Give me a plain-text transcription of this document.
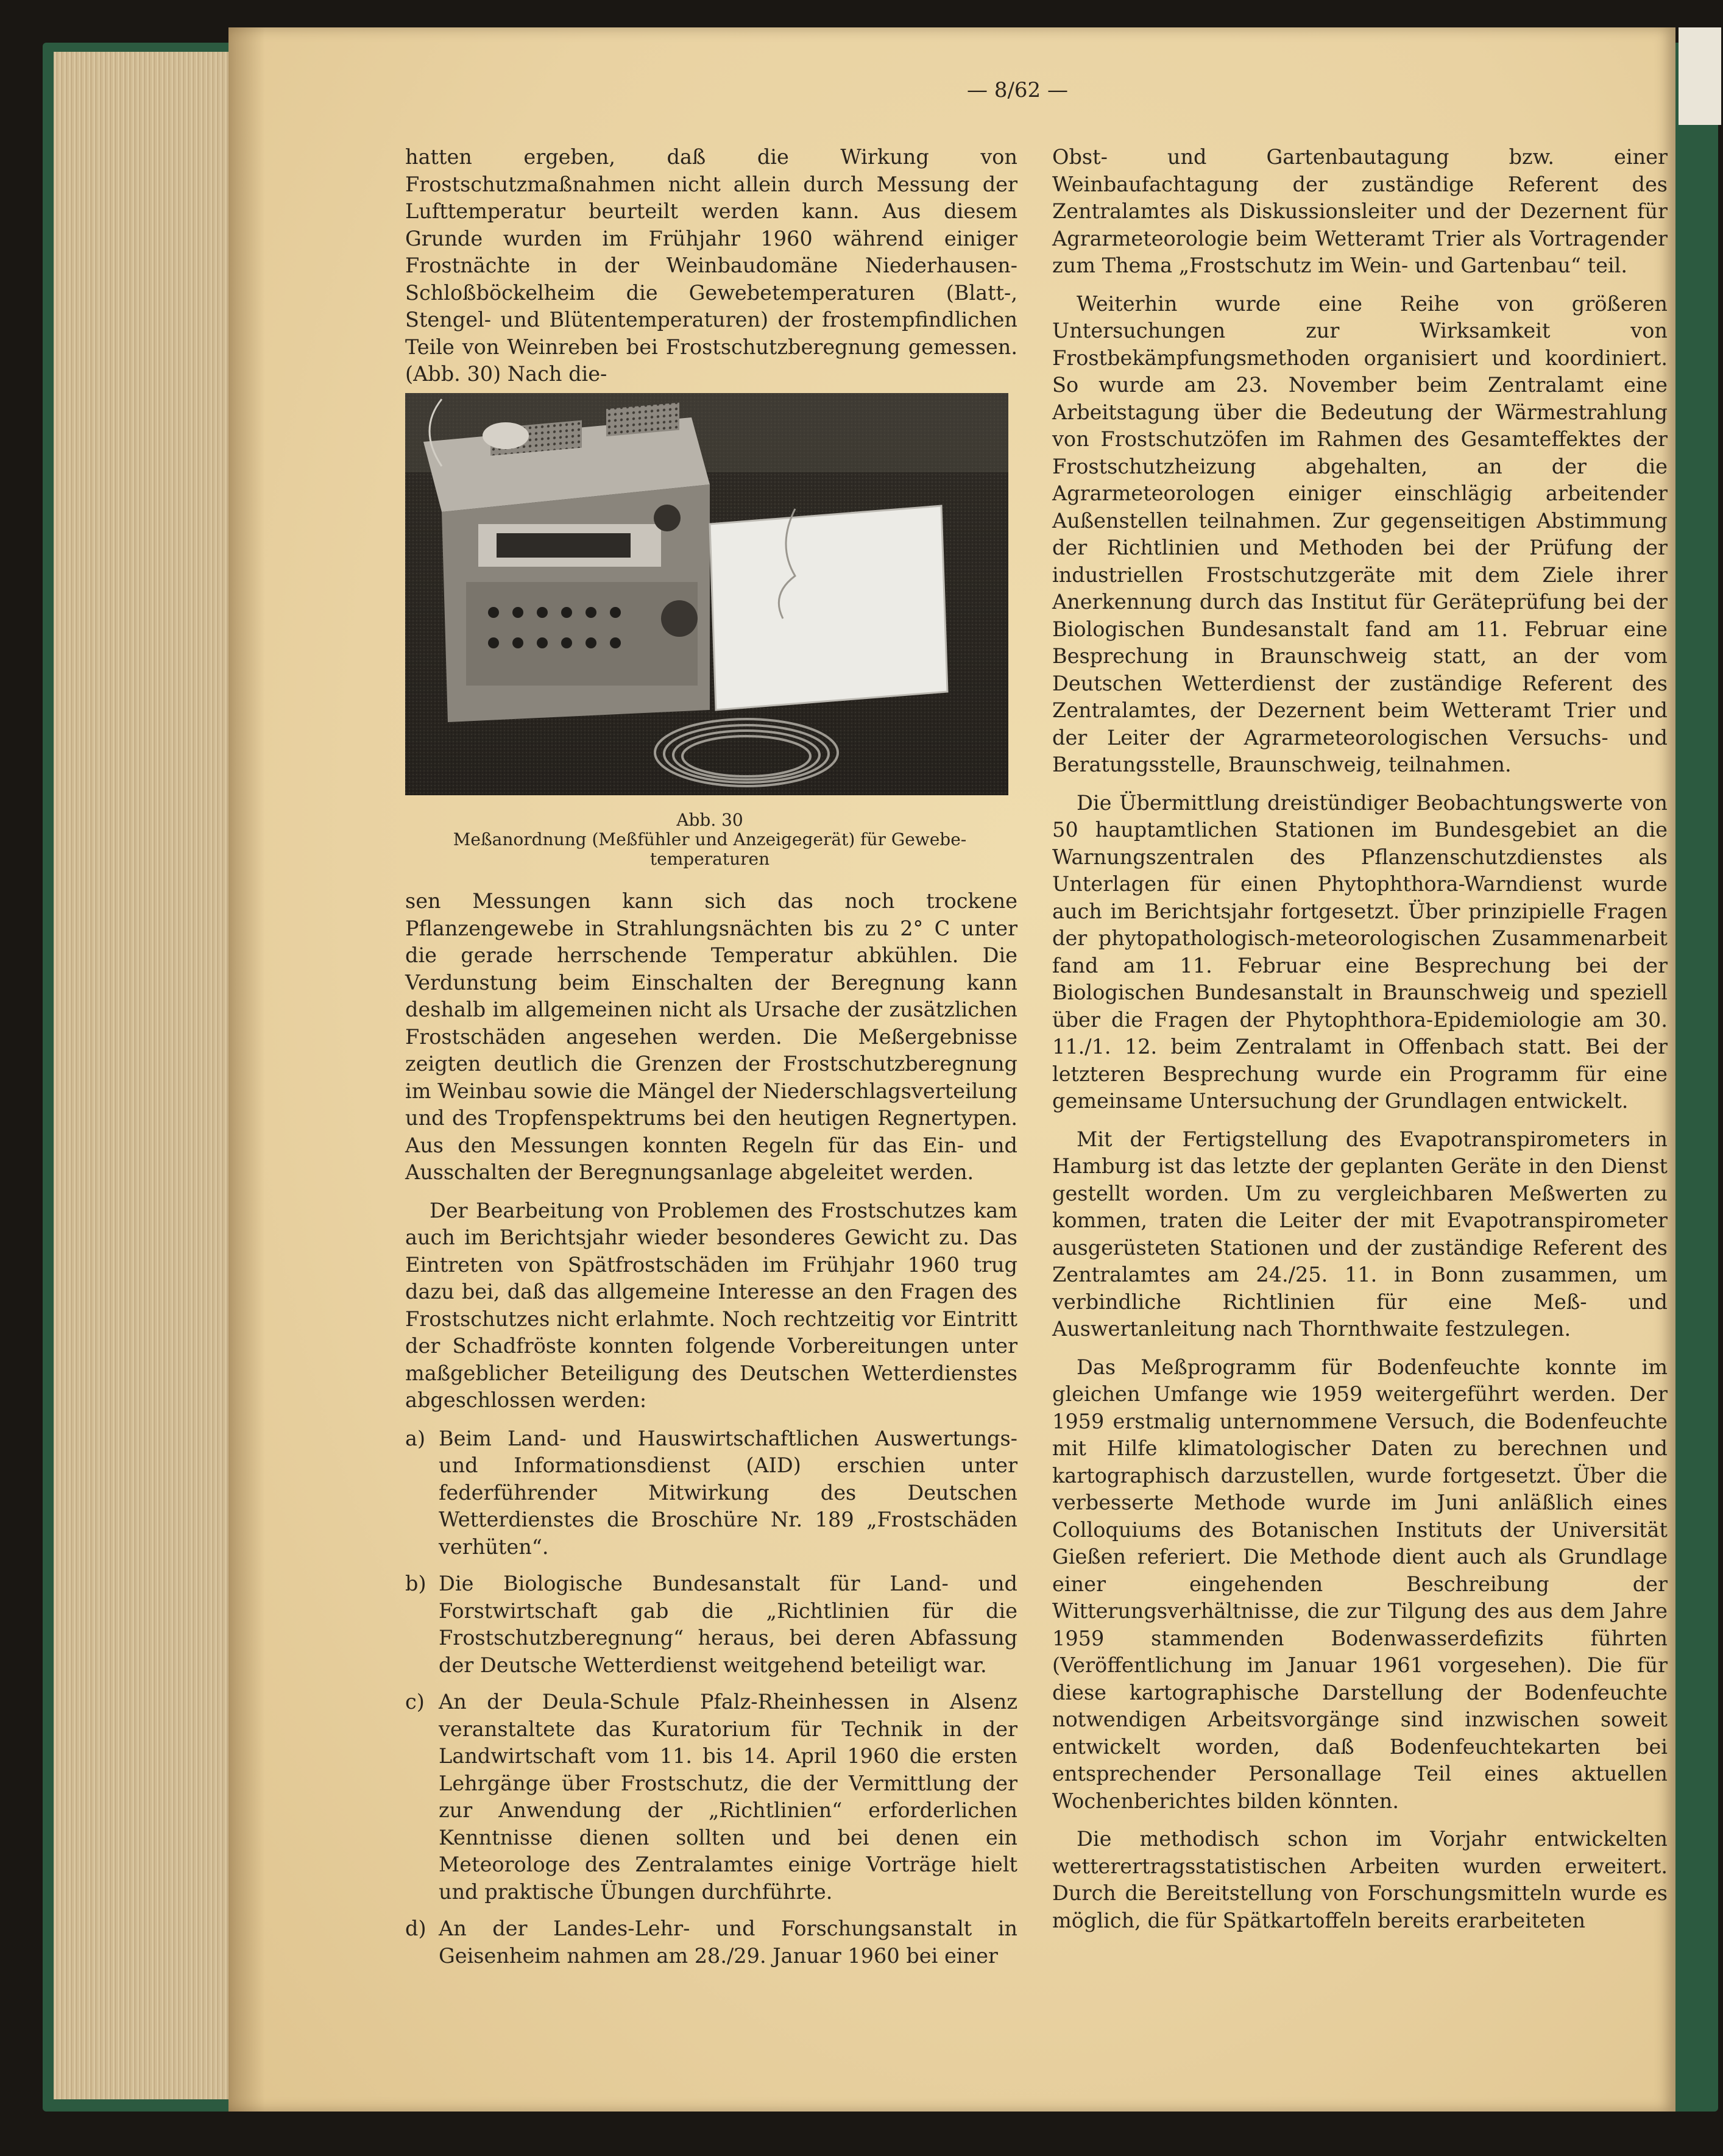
— 8/62 —

hatten ergeben, daß die Wirkung von Frostschutzmaßnahmen nicht allein durch Messung der Lufttemperatur beurteilt werden kann. Aus diesem Grunde wurden im Frühjahr 1960 während einiger Frostnächte in der Weinbaudomäne Niederhausen-Schloßböckelheim die Gewebetemperaturen (Blatt-, Stengel- und Blütentemperaturen) der frostempfindlichen Teile von Weinreben bei Frostschutzberegnung gemessen. (Abb. 30) Nach die-

Abb. 30
Meßanordnung (Meßfühler und Anzeigegerät) für Gewebe-temperaturen

sen Messungen kann sich das noch trockene Pflanzengewebe in Strahlungsnächten bis zu 2° C unter die gerade herrschende Temperatur abkühlen. Die Verdunstung beim Einschalten der Beregnung kann deshalb im allgemeinen nicht als Ursache der zusätzlichen Frostschäden angesehen werden. Die Meßergebnisse zeigten deutlich die Grenzen der Frostschutzberegnung im Weinbau sowie die Mängel der Niederschlagsverteilung und des Tropfenspektrums bei den heutigen Regnertypen. Aus den Messungen konnten Regeln für das Ein- und Ausschalten der Beregnungsanlage abgeleitet werden.

Der Bearbeitung von Problemen des Frostschutzes kam auch im Berichtsjahr wieder besonderes Gewicht zu. Das Eintreten von Spätfrostschäden im Frühjahr 1960 trug dazu bei, daß das allgemeine Interesse an den Fragen des Frostschutzes nicht erlahmte. Noch rechtzeitig vor Eintritt der Schadfröste konnten folgende Vorbereitungen unter maßgeblicher Beteiligung des Deutschen Wetterdienstes abgeschlossen werden:

a) Beim Land- und Hauswirtschaftlichen Auswertungs- und Informationsdienst (AID) erschien unter federführender Mitwirkung des Deutschen Wetterdienstes die Broschüre Nr. 189 „Frostschäden verhüten“.
b) Die Biologische Bundesanstalt für Land- und Forstwirtschaft gab die „Richtlinien für die Frostschutzberegnung“ heraus, bei deren Abfassung der Deutsche Wetterdienst weitgehend beteiligt war.
c) An der Deula-Schule Pfalz-Rheinhessen in Alsenz veranstaltete das Kuratorium für Technik in der Landwirtschaft vom 11. bis 14. April 1960 die ersten Lehrgänge über Frostschutz, die der Vermittlung der zur Anwendung der „Richtlinien“ erforderlichen Kenntnisse dienen sollten und bei denen ein Meteorologe des Zentralamtes einige Vorträge hielt und praktische Übungen durchführte.
d) An der Landes-Lehr- und Forschungsanstalt in Geisenheim nahmen am 28./29. Januar 1960 bei einer

Obst- und Gartenbautagung bzw. einer Weinbaufachtagung der zuständige Referent des Zentralamtes als Diskussionsleiter und der Dezernent für Agrarmeteorologie beim Wetteramt Trier als Vortragender zum Thema „Frostschutz im Wein- und Gartenbau“ teil.

Weiterhin wurde eine Reihe von größeren Untersuchungen zur Wirksamkeit von Frostbekämpfungsmethoden organisiert und koordiniert. So wurde am 23. November beim Zentralamt eine Arbeitstagung über die Bedeutung der Wärmestrahlung von Frostschutzöfen im Rahmen des Gesamteffektes der Frostschutzheizung abgehalten, an der die Agrarmeteorologen einiger einschlägig arbeitender Außenstellen teilnahmen. Zur gegenseitigen Abstimmung der Richtlinien und Methoden bei der Prüfung der industriellen Frostschutzgeräte mit dem Ziele ihrer Anerkennung durch das Institut für Geräteprüfung bei der Biologischen Bundesanstalt fand am 11. Februar eine Besprechung in Braunschweig statt, an der vom Deutschen Wetterdienst der zuständige Referent des Zentralamtes, der Dezernent beim Wetteramt Trier und der Leiter der Agrarmeteorologischen Versuchs- und Beratungsstelle, Braunschweig, teilnahmen.

Die Übermittlung dreistündiger Beobachtungswerte von 50 hauptamtlichen Stationen im Bundesgebiet an die Warnungszentralen des Pflanzenschutzdienstes als Unterlagen für einen Phytophthora-Warndienst wurde auch im Berichtsjahr fortgesetzt. Über prinzipielle Fragen der phytopathologisch-meteorologischen Zusammenarbeit fand am 11. Februar eine Besprechung bei der Biologischen Bundesanstalt in Braunschweig und speziell über die Fragen der Phytophthora-Epidemiologie am 30. 11./1. 12. beim Zentralamt in Offenbach statt. Bei der letzteren Besprechung wurde ein Programm für eine gemeinsame Untersuchung der Grundlagen entwickelt.

Mit der Fertigstellung des Evapotranspirometers in Hamburg ist das letzte der geplanten Geräte in den Dienst gestellt worden. Um zu vergleichbaren Meßwerten zu kommen, traten die Leiter der mit Evapotranspirometer ausgerüsteten Stationen und der zuständige Referent des Zentralamtes am 24./25. 11. in Bonn zusammen, um verbindliche Richtlinien für eine Meß- und Auswertanleitung nach Thornthwaite festzulegen.

Das Meßprogramm für Bodenfeuchte konnte im gleichen Umfange wie 1959 weitergeführt werden. Der 1959 erstmalig unternommene Versuch, die Bodenfeuchte mit Hilfe klimatologischer Daten zu berechnen und kartographisch darzustellen, wurde fortgesetzt. Über die verbesserte Methode wurde im Juni anläßlich eines Colloquiums des Botanischen Instituts der Universität Gießen referiert. Die Methode dient auch als Grundlage einer eingehenden Beschreibung der Witterungsverhältnisse, die zur Tilgung des aus dem Jahre 1959 stammenden Bodenwasserdefizits führten (Veröffentlichung im Januar 1961 vorgesehen). Die für diese kartographische Darstellung der Bodenfeuchte notwendigen Arbeitsvorgänge sind inzwischen soweit entwickelt worden, daß Bodenfeuchtekarten bei entsprechender Personallage Teil eines aktuellen Wochenberichtes bilden könnten.

Die methodisch schon im Vorjahr entwickelten wetterertragsstatistischen Arbeiten wurden erweitert. Durch die Bereitstellung von Forschungsmitteln wurde es möglich, die für Spätkartoffeln bereits erarbeiteten
